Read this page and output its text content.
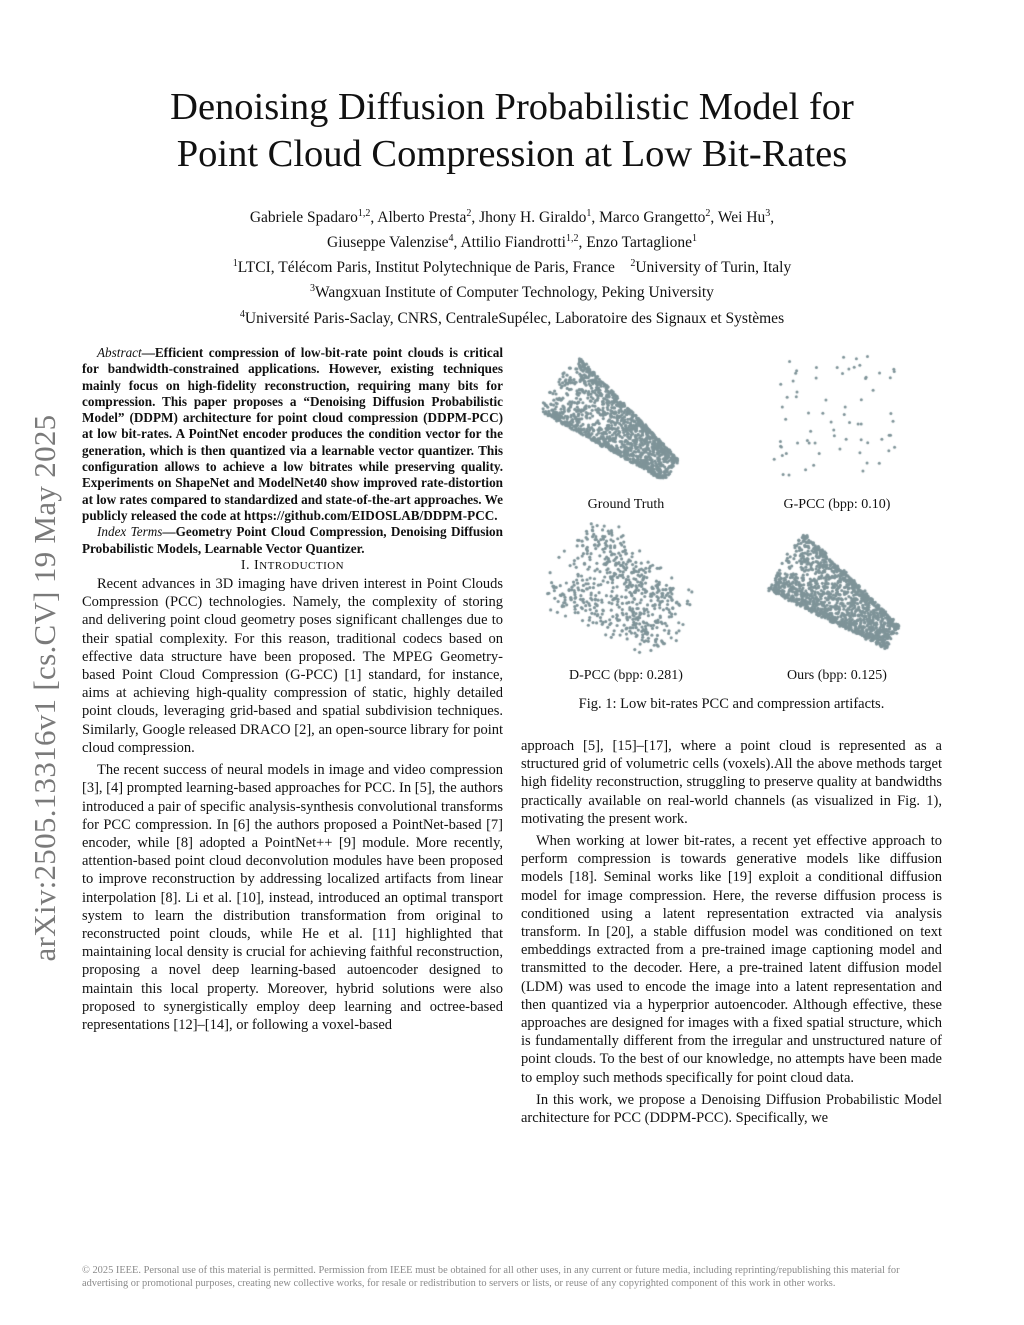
Denoising Diffusion Probabilistic Model for
Point Cloud Compression at Low Bit-Rates
Gabriele Spadaro$^{1,2}$, Alberto Presta$^2$, Jhony H. Giraldo$^1$, Marco Grangetto$^2$, Wei Hu$^3$,
Giuseppe Valenzise$^4$, Attilio Fiandrotti$^{1,2}$, Enzo Tartaglione$^1$
$^1$LTCI, Télécom Paris, Institut Polytechnique de Paris, France $^2$University of Turin, Italy
$^3$Wangxuan Institute of Computer Technology, Peking University
$^4$Université Paris-Saclay, CNRS, CentraleSupélec, Laboratoire des Signaux et Systèmes
arXiv:2505.13316v1 [cs.CV] 19 May 2025

Abstract—Efficient compression of low-bit-rate point clouds is critical for bandwidth-constrained applications. However, existing techniques mainly focus on high-fidelity reconstruction, requiring many bits for compression. This paper proposes a “Denoising Diffusion Probabilistic Model” (DDPM) architecture for point cloud compression (DDPM-PCC) at low bit-rates. A PointNet encoder produces the condition vector for the generation, which is then quantized via a learnable vector quantizer. This configuration allows to achieve a low bitrates while preserving quality. Experiments on ShapeNet and ModelNet40 show improved rate-distortion at low rates compared to standardized and state-of-the-art approaches. We publicly released the code at https://github.com/EIDOSLAB/DDPM-PCC.

Index Terms—Geometry Point Cloud Compression, Denoising Diffusion Probabilistic Models, Learnable Vector Quantizer.

I. INTRODUCTION

Recent advances in 3D imaging have driven interest in Point Clouds Compression (PCC) technologies. Namely, the complexity of storing and delivering point cloud geometry poses significant challenges due to their spatial complexity. For this reason, traditional codecs based on effective data structure have been proposed. The MPEG Geometry-based Point Cloud Compression (G-PCC) [1] standard, for instance, aims at achieving high-quality compression of static, highly detailed point clouds, leveraging grid-based and spatial subdivision techniques. Similarly, Google released DRACO [2], an open-source library for point cloud compression.

The recent success of neural models in image and video compression [3], [4] prompted learning-based approaches for PCC. In [5], the authors introduced a pair of specific analysis-synthesis convolutional transforms for PCC compression. In [6] the authors proposed a PointNet-based [7] encoder, while [8] adopted a PointNet++ [9] module. More recently, attention-based point cloud deconvolution modules have been proposed to improve reconstruction by addressing localized artifacts from linear interpolation [8]. Li et al. [10], instead, introduced an optimal transport system to learn the distribution transformation from original to reconstructed point clouds, while He et al. [11] highlighted that maintaining local density is crucial for achieving faithful reconstruction, proposing a novel deep learning-based autoencoder designed to maintain this local property. Moreover, hybrid solutions were also proposed to synergistically employ deep learning and octree-based representations [12]–[14], or following a voxel-based

Ground Truth	G-PCC (bpp: 0.10)
D-PCC (bpp: 0.281)	Ours (bpp: 0.125)
Fig. 1: Low bit-rates PCC and compression artifacts.

approach [5], [15]–[17], where a point cloud is represented as a structured grid of volumetric cells (voxels).All the above methods target high fidelity reconstruction, struggling to preserve quality at bandwidths practically available on real-world channels (as visualized in Fig. 1), motivating the present work.

When working at lower bit-rates, a recent yet effective approach to perform compression is towards generative models like diffusion models [18]. Seminal works like [19] exploit a conditional diffusion model for image compression. Here, the reverse diffusion process is conditioned using a latent representation extracted via analysis transform. In [20], a stable diffusion model was conditioned on text embeddings extracted from a pre-trained image captioning model and transmitted to the decoder. Here, a pre-trained latent diffusion model (LDM) was used to encode the image into a latent representation and then quantized via a hyperprior autoencoder. Although effective, these approaches are designed for images with a fixed spatial structure, which is fundamentally different from the irregular and unstructured nature of point clouds. To the best of our knowledge, no attempts have been made to employ such methods specifically for point cloud data.

In this work, we propose a Denoising Diffusion Probabilistic Model architecture for PCC (DDPM-PCC). Specifically, we

© 2025 IEEE. Personal use of this material is permitted. Permission from IEEE must be obtained for all other uses, in any current or future media, including reprinting/republishing this material for advertising or promotional purposes, creating new collective works, for resale or redistribution to servers or lists, or reuse of any copyrighted component of this work in other works.
